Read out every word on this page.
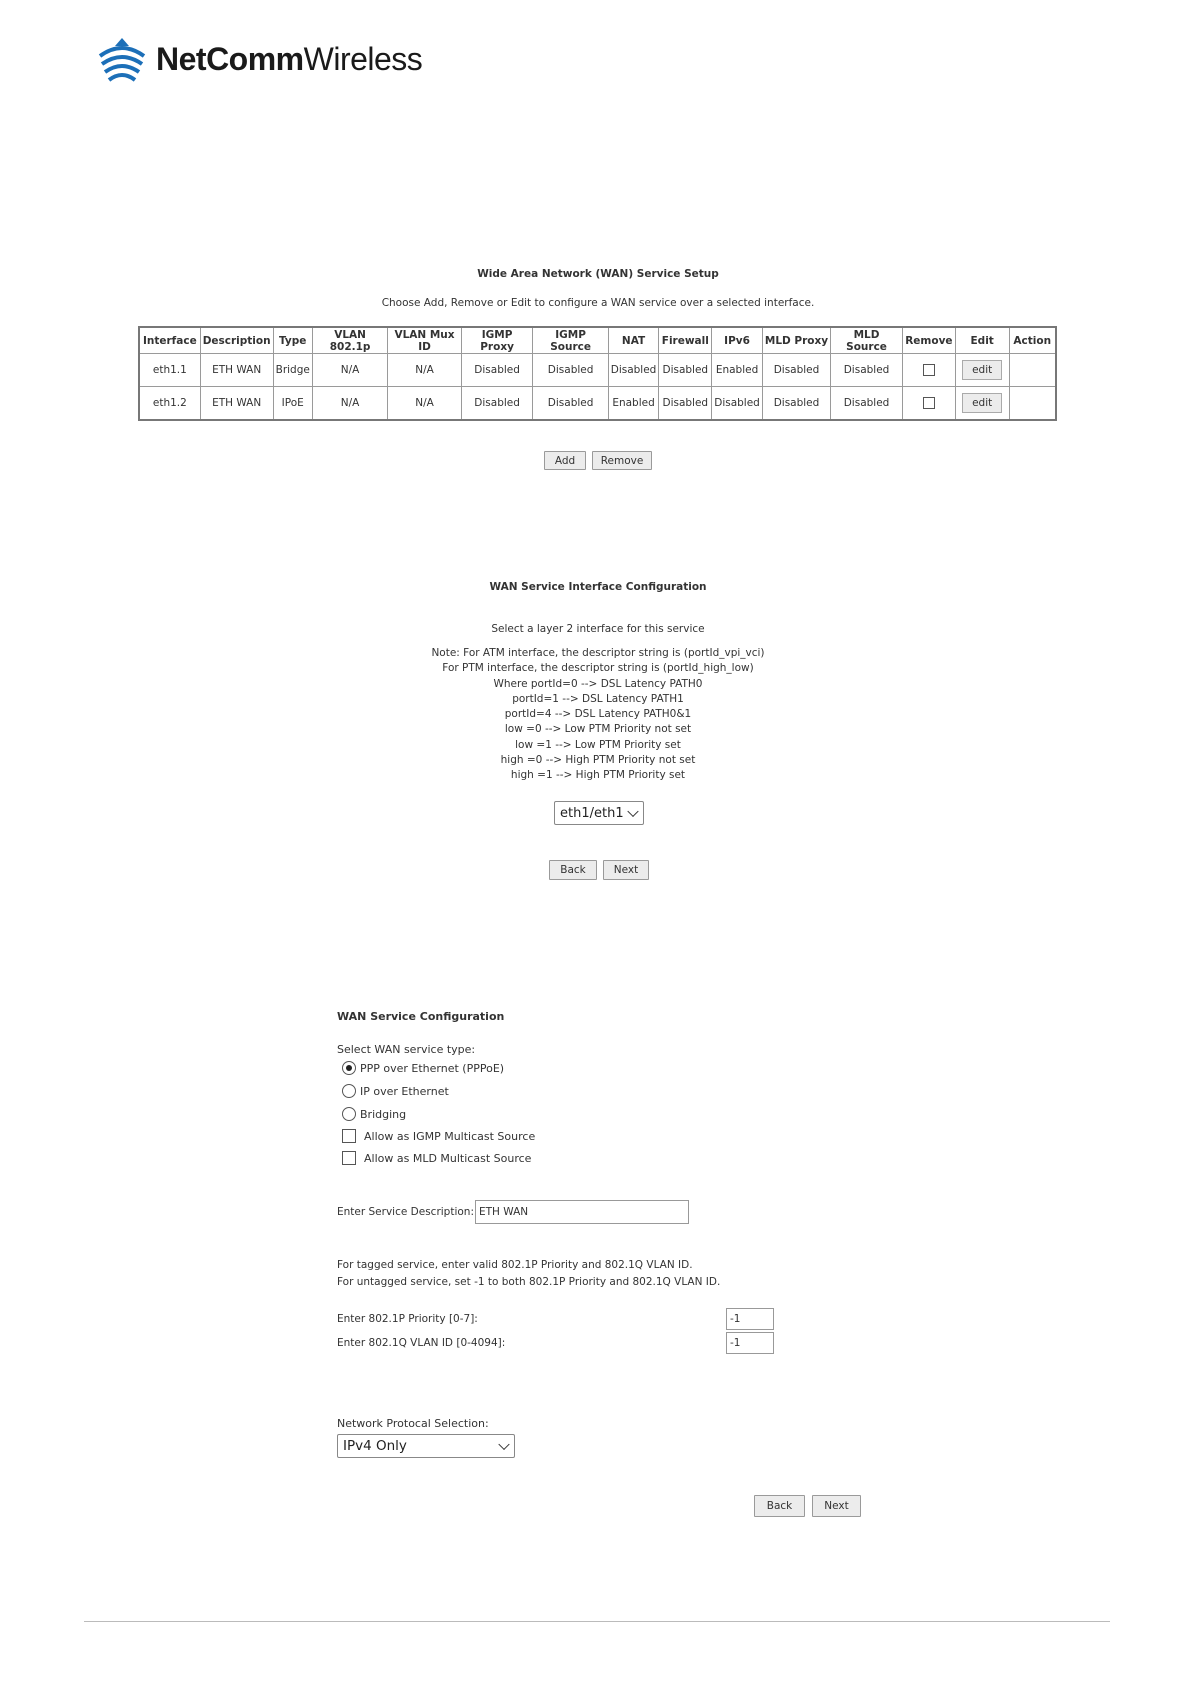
NetCommWireless
Wide Area Network (WAN) Service Setup
Choose Add, Remove or Edit to configure a WAN service over a selected interface.
Interface	Description	Type	VLAN 802.1p	VLAN Mux ID	IGMP Proxy	IGMP Source	NAT	Firewall	IPv6	MLD Proxy	MLD Source	Remove	Edit	Action
eth1.1	ETH WAN	Bridge	N/A	N/A	Disabled	Disabled	Disabled	Disabled	Enabled	Disabled	Disabled		edit	
eth1.2	ETH WAN	IPoE	N/A	N/A	Disabled	Disabled	Enabled	Disabled	Disabled	Disabled	Disabled		edit	
Add	Remove
WAN Service Interface Configuration
Select a layer 2 interface for this service
Note: For ATM interface, the descriptor string is (portId_vpi_vci)
For PTM interface, the descriptor string is (portId_high_low)
Where portId=0 --> DSL Latency PATH0
portId=1 --> DSL Latency PATH1
portId=4 --> DSL Latency PATH0&1
low =0 --> Low PTM Priority not set
low =1 --> Low PTM Priority set
high =0 --> High PTM Priority not set
high =1 --> High PTM Priority set
eth1/eth1
Back	Next
WAN Service Configuration
Select WAN service type:
PPP over Ethernet (PPPoE)
IP over Ethernet
Bridging
Allow as IGMP Multicast Source
Allow as MLD Multicast Source
Enter Service Description: ETH WAN
For tagged service, enter valid 802.1P Priority and 802.1Q VLAN ID.
For untagged service, set -1 to both 802.1P Priority and 802.1Q VLAN ID.
Enter 802.1P Priority [0-7]:	-1
Enter 802.1Q VLAN ID [0-4094]:	-1
Network Protocal Selection:
IPv4 Only
Back	Next
